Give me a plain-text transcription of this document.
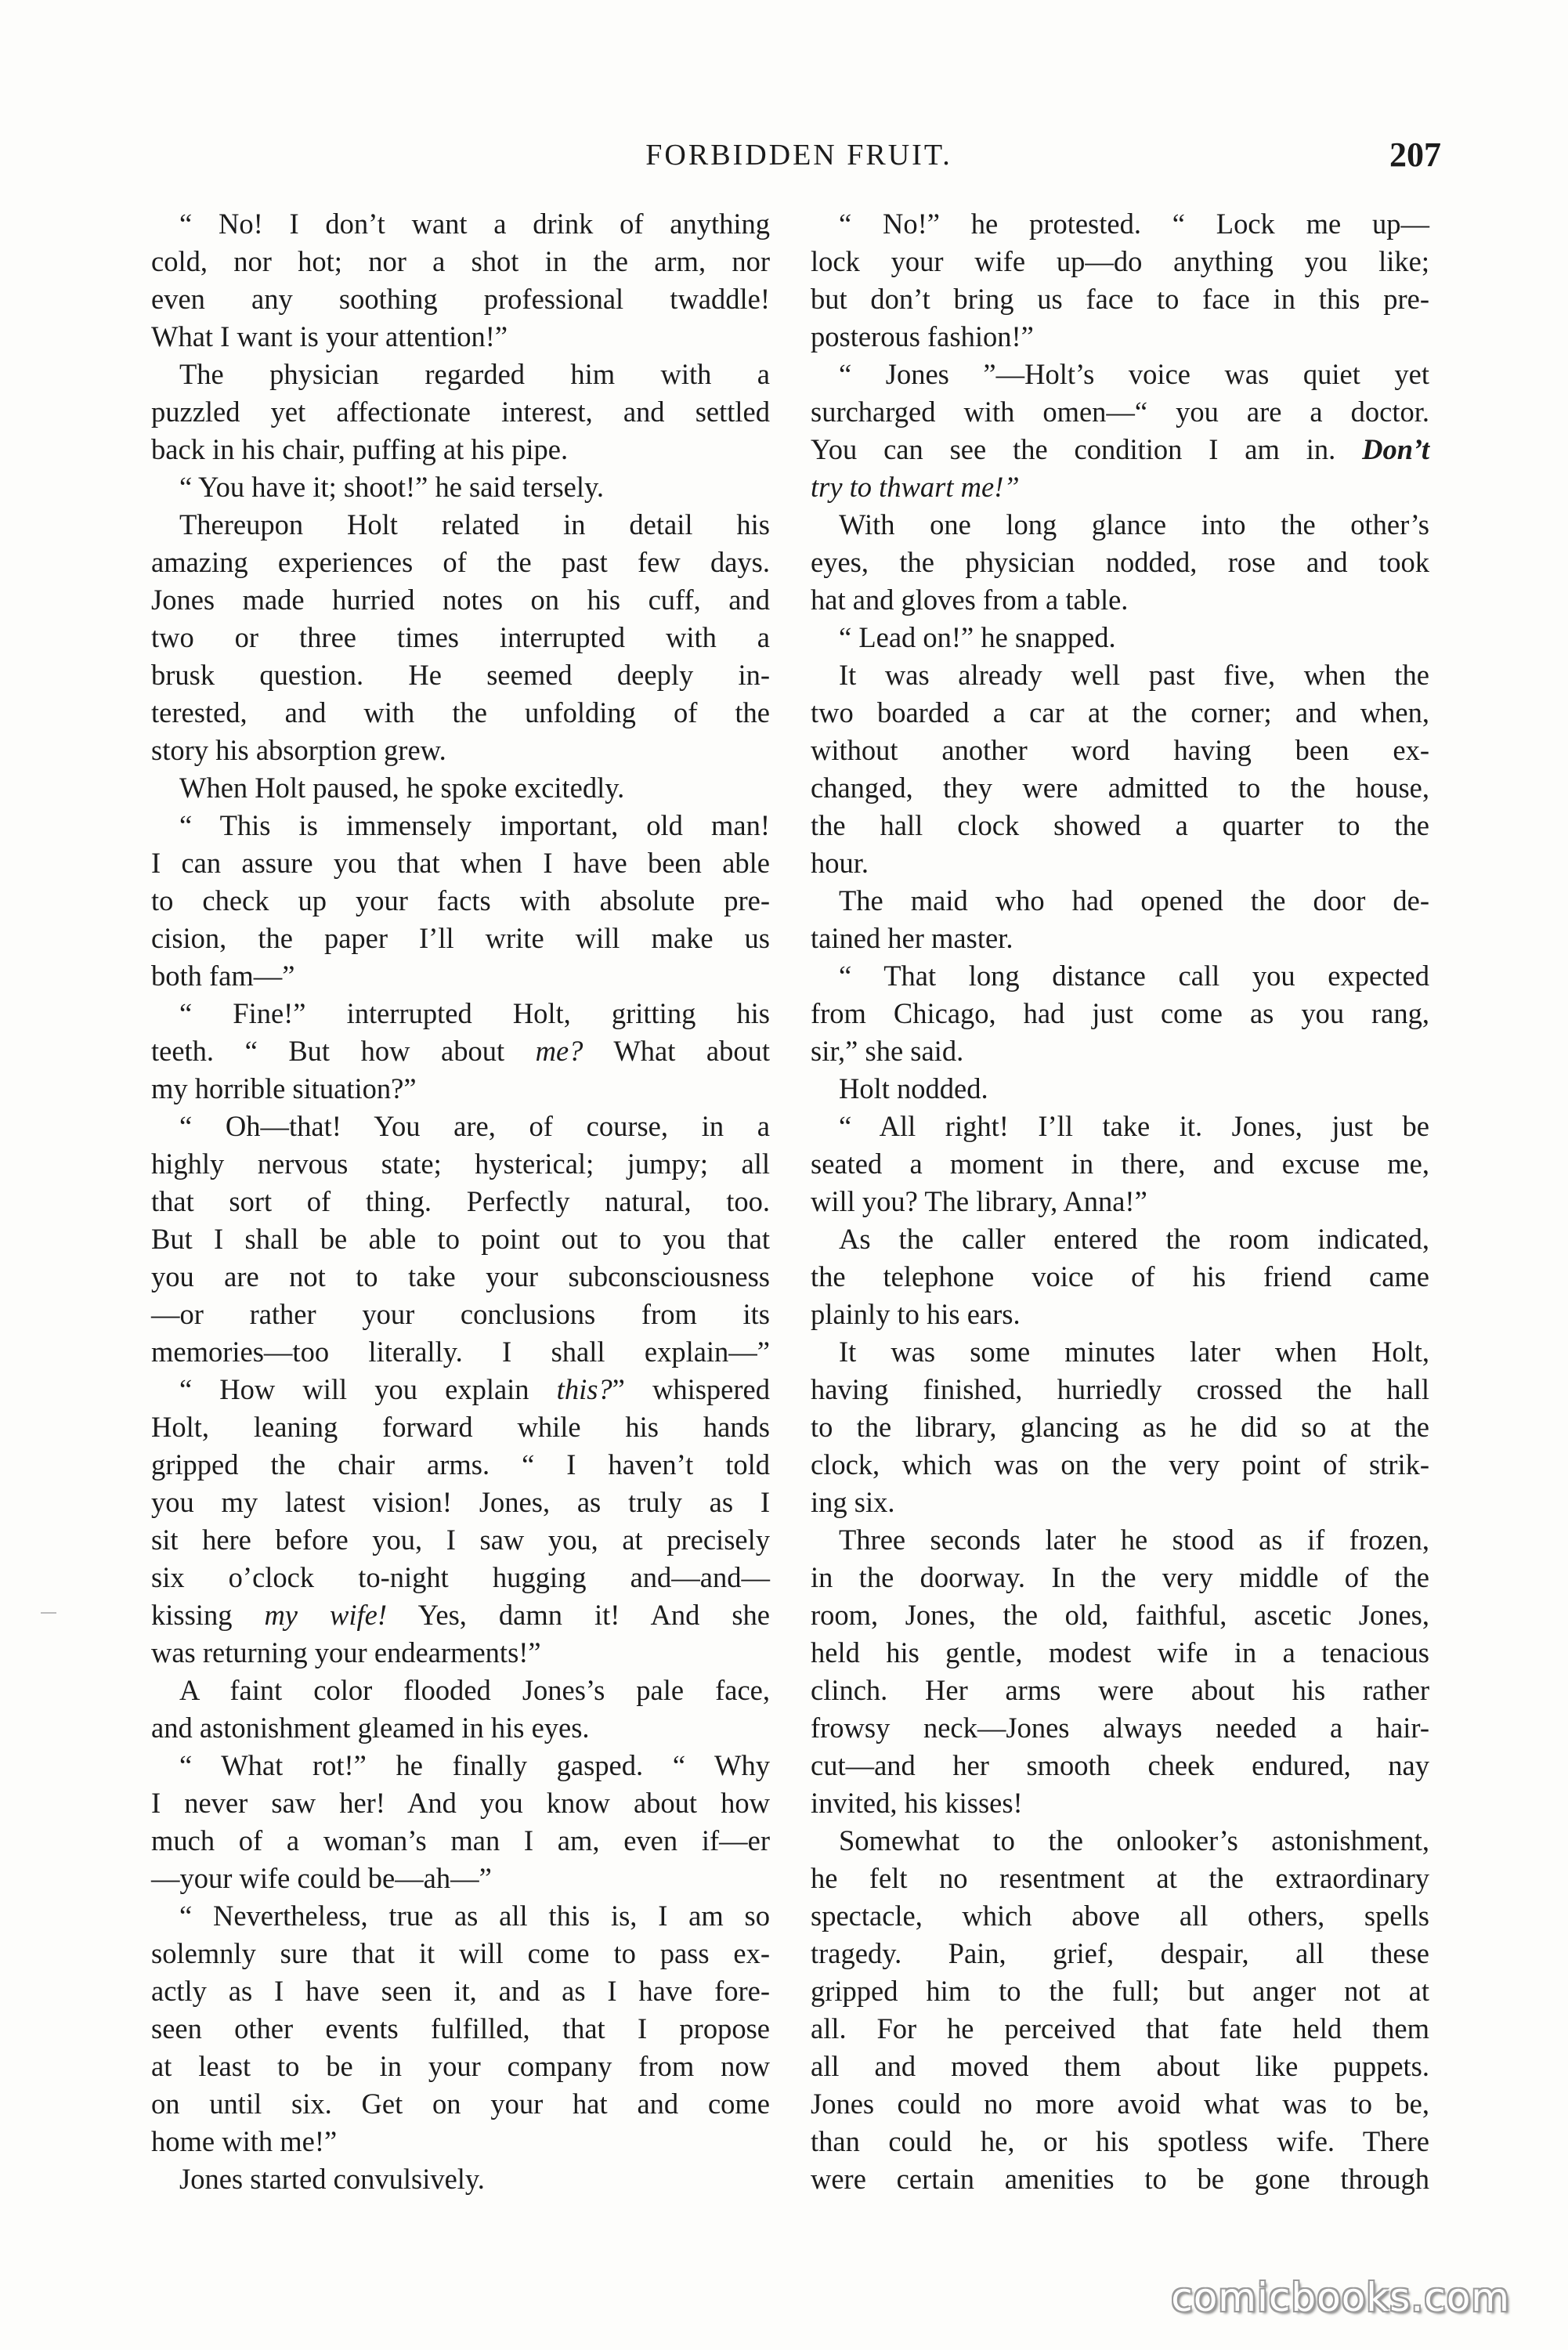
FORBIDDEN FRUIT.	207
“ No! I don’t want a drink of anything
cold, nor hot; nor a shot in the arm, nor
even any soothing professional twaddle!
What I want is your attention!”
The physician regarded him with a
puzzled yet affectionate interest, and settled
back in his chair, puffing at his pipe.
“ You have it; shoot!” he said tersely.
Thereupon Holt related in detail his
amazing experiences of the past few days.
Jones made hurried notes on his cuff, and
two or three times interrupted with a
brusk question. He seemed deeply in-
terested, and with the unfolding of the
story his absorption grew.
When Holt paused, he spoke excitedly.
“ This is immensely important, old man!
I can assure you that when I have been able
to check up your facts with absolute pre-
cision, the paper I’ll write will make us
both fam—”
“ Fine!” interrupted Holt, gritting his
teeth. “ But how about me? What about
my horrible situation?”
“ Oh—that! You are, of course, in a
highly nervous state; hysterical; jumpy; all
that sort of thing. Perfectly natural, too.
But I shall be able to point out to you that
you are not to take your subconsciousness
—or rather your conclusions from its
memories—too literally. I shall explain—”
“ How will you explain this?” whispered
Holt, leaning forward while his hands
gripped the chair arms. “ I haven’t told
you my latest vision! Jones, as truly as I
sit here before you, I saw you, at precisely
six o’clock to-night hugging and—and—
kissing my wife! Yes, damn it! And she
was returning your endearments!”
A faint color flooded Jones’s pale face,
and astonishment gleamed in his eyes.
“ What rot!” he finally gasped. “ Why
I never saw her! And you know about how
much of a woman’s man I am, even if—er
—your wife could be—ah—”
“ Nevertheless, true as all this is, I am so
solemnly sure that it will come to pass ex-
actly as I have seen it, and as I have fore-
seen other events fulfilled, that I propose
at least to be in your company from now
on until six. Get on your hat and come
home with me!”
Jones started convulsively.
“ No!” he protested. “ Lock me up—
lock your wife up—do anything you like;
but don’t bring us face to face in this pre-
posterous fashion!”
“ Jones ”—Holt’s voice was quiet yet
surcharged with omen—“ you are a doctor.
You can see the condition I am in. Don’t
try to thwart me!”
With one long glance into the other’s
eyes, the physician nodded, rose and took
hat and gloves from a table.
“ Lead on!” he snapped.
It was already well past five, when the
two boarded a car at the corner; and when,
without another word having been ex-
changed, they were admitted to the house,
the hall clock showed a quarter to the
hour.
The maid who had opened the door de-
tained her master.
“ That long distance call you expected
from Chicago, had just come as you rang,
sir,” she said.
Holt nodded.
“ All right! I’ll take it. Jones, just be
seated a moment in there, and excuse me,
will you? The library, Anna!”
As the caller entered the room indicated,
the telephone voice of his friend came
plainly to his ears.
It was some minutes later when Holt,
having finished, hurriedly crossed the hall
to the library, glancing as he did so at the
clock, which was on the very point of strik-
ing six.
Three seconds later he stood as if frozen,
in the doorway. In the very middle of the
room, Jones, the old, faithful, ascetic Jones,
held his gentle, modest wife in a tenacious
clinch. Her arms were about his rather
frowsy neck—Jones always needed a hair-
cut—and her smooth cheek endured, nay
invited, his kisses!
Somewhat to the onlooker’s astonishment,
he felt no resentment at the extraordinary
spectacle, which above all others, spells
tragedy. Pain, grief, despair, all these
gripped him to the full; but anger not at
all. For he perceived that fate held them
all and moved them about like puppets.
Jones could no more avoid what was to be,
than could he, or his spotless wife. There
were certain amenities to be gone through
comicbooks.com
